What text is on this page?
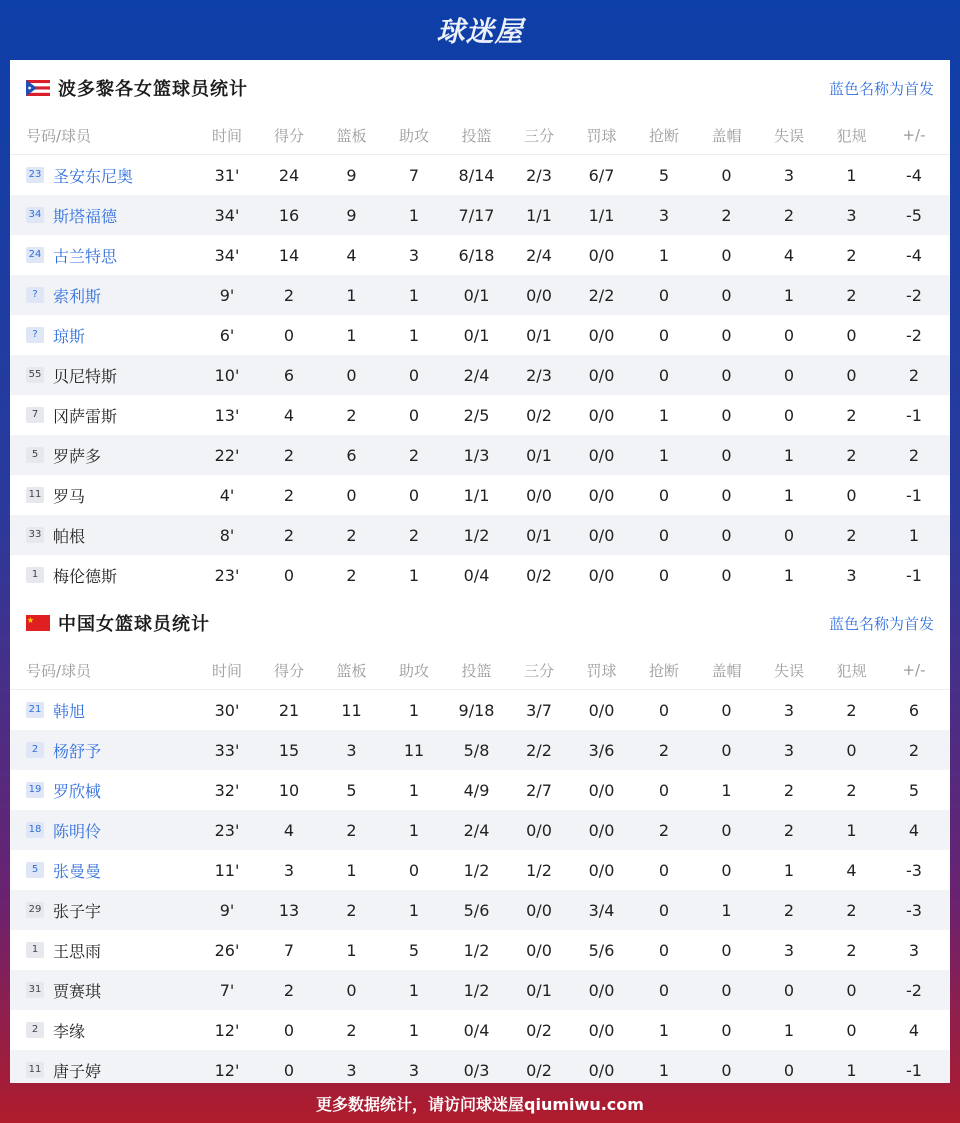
球迷屋
波多黎各女篮球员统计	蓝色名称为首发
号码/球员	时间	得分	篮板	助攻	投篮	三分	罚球	抢断	盖帽	失误	犯规	+/-
23 圣安东尼奥	31'	24	9	7	8/14	2/3	6/7	5	0	3	1	-4
34 斯塔福德	34'	16	9	1	7/17	1/1	1/1	3	2	2	3	-5
24 古兰特思	34'	14	4	3	6/18	2/4	0/0	1	0	4	2	-4
? 索利斯	9'	2	1	1	0/1	0/0	2/2	0	0	1	2	-2
? 琼斯	6'	0	1	1	0/1	0/1	0/0	0	0	0	0	-2
55 贝尼特斯	10'	6	0	0	2/4	2/3	0/0	0	0	0	0	2
7 冈萨雷斯	13'	4	2	0	2/5	0/2	0/0	1	0	0	2	-1
5 罗萨多	22'	2	6	2	1/3	0/1	0/0	1	0	1	2	2
11 罗马	4'	2	0	0	1/1	0/0	0/0	0	0	1	0	-1
33 帕根	8'	2	2	2	1/2	0/1	0/0	0	0	0	2	1
1 梅伦德斯	23'	0	2	1	0/4	0/2	0/0	0	0	1	3	-1
中国女篮球员统计	蓝色名称为首发
号码/球员	时间	得分	篮板	助攻	投篮	三分	罚球	抢断	盖帽	失误	犯规	+/-
21 韩旭	30'	21	11	1	9/18	3/7	0/0	0	0	3	2	6
2 杨舒予	33'	15	3	11	5/8	2/2	3/6	2	0	3	0	2
19 罗欣棫	32'	10	5	1	4/9	2/7	0/0	0	1	2	2	5
18 陈明伶	23'	4	2	1	2/4	0/0	0/0	2	0	2	1	4
5 张曼曼	11'	3	1	0	1/2	1/2	0/0	0	0	1	4	-3
29 张子宇	9'	13	2	1	5/6	0/0	3/4	0	1	2	2	-3
1 王思雨	26'	7	1	5	1/2	0/0	5/6	0	0	3	2	3
31 贾赛琪	7'	2	0	1	1/2	0/1	0/0	0	0	0	0	-2
2 李缘	12'	0	2	1	0/4	0/2	0/0	1	0	1	0	4
11 唐子婷	12'	0	3	3	0/3	0/2	0/0	1	0	0	1	-1
更多数据统计，请访问球迷屋qiumiwu.com
